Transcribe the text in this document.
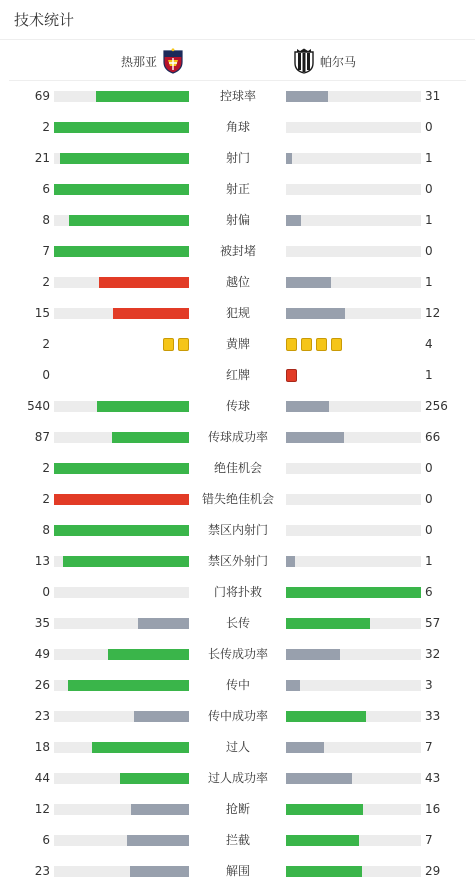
技术统计
热那亚	帕尔马
69	控球率	31
2	角球	0
21	射门	1
6	射正	0
8	射偏	1
7	被封堵	0
2	越位	1
15	犯规	12
2	黄牌	4
0	红牌	1
540	传球	256
87	传球成功率	66
2	绝佳机会	0
2	错失绝佳机会	0
8	禁区内射门	0
13	禁区外射门	1
0	门将扑救	6
35	长传	57
49	长传成功率	32
26	传中	3
23	传中成功率	33
18	过人	7
44	过人成功率	43
12	抢断	16
6	拦截	7
23	解围	29
